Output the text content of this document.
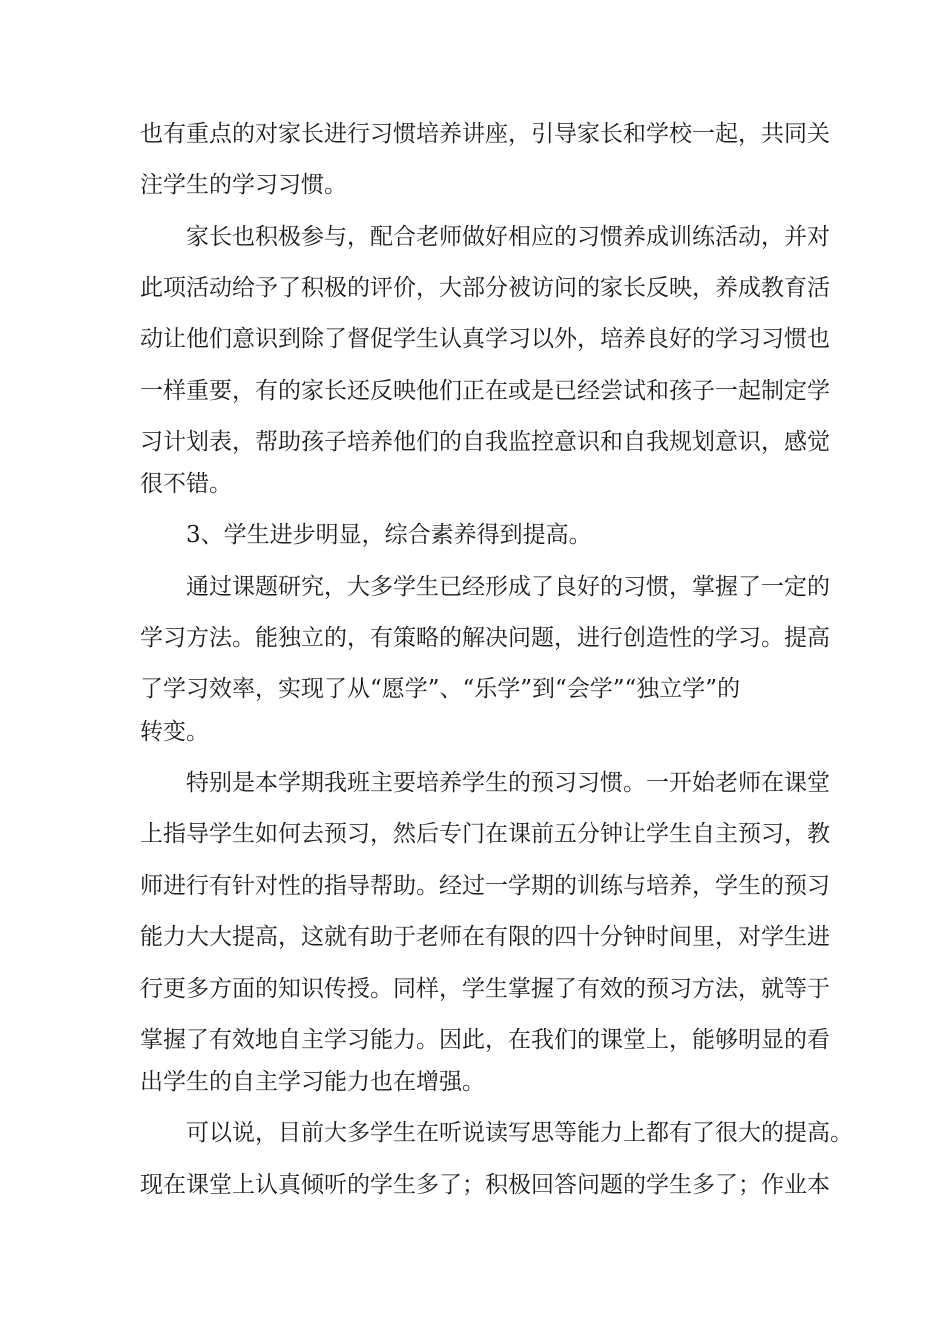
也有重点的对家长进行习惯培养讲座，引导家长和学校一起，共同关
注学生的学习习惯。
家长也积极参与，配合老师做好相应的习惯养成训练活动，并对
此项活动给予了积极的评价，大部分被访问的家长反映，养成教育活
动让他们意识到除了督促学生认真学习以外，培养良好的学习习惯也
一样重要，有的家长还反映他们正在或是已经尝试和孩子一起制定学
习计划表，帮助孩子培养他们的自我监控意识和自我规划意识，感觉
很不错。
3、学生进步明显，综合素养得到提高。
通过课题研究，大多学生已经形成了良好的习惯，掌握了一定的
学习方法。能独立的，有策略的解决问题，进行创造性的学习。提高
了学习效率，实现了从“愿学”、“乐学”到“会学”“独立学”的
转变。
特别是本学期我班主要培养学生的预习习惯。一开始老师在课堂
上指导学生如何去预习，然后专门在课前五分钟让学生自主预习，教
师进行有针对性的指导帮助。经过一学期的训练与培养，学生的预习
能力大大提高，这就有助于老师在有限的四十分钟时间里，对学生进
行更多方面的知识传授。同样，学生掌握了有效的预习方法，就等于
掌握了有效地自主学习能力。因此，在我们的课堂上，能够明显的看
出学生的自主学习能力也在增强。
可以说，目前大多学生在听说读写思等能力上都有了很大的提高。
现在课堂上认真倾听的学生多了；积极回答问题的学生多了；作业本
